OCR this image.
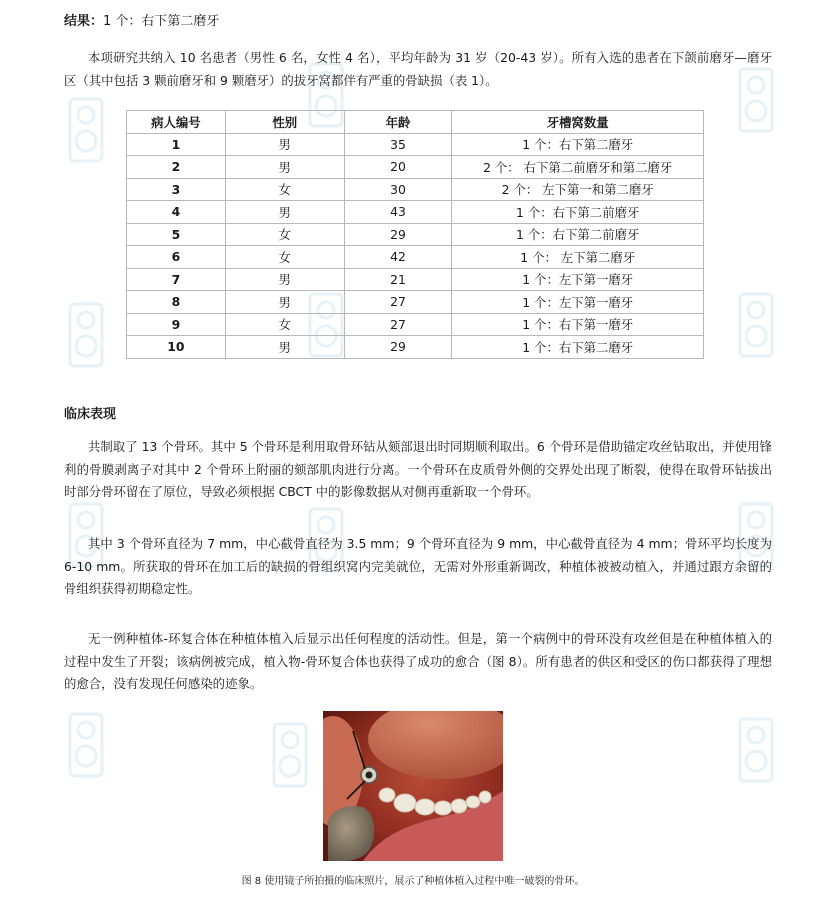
结果：1 个：右下第二磨牙

本项研究共纳入 10 名患者（男性 6 名，女性 4 名），平均年龄为 31 岁（20-43 岁）。所有入选的患者在下颌前磨牙—磨牙区（其中包括 3 颗前磨牙和 9 颗磨牙）的拔牙窝都伴有严重的骨缺损（表 1）。

病人编号	性别	年龄	牙槽窝数量
1	男	35	1 个：右下第二磨牙
2	男	20	2 个： 右下第二前磨牙和第二磨牙
3	女	30	2 个： 左下第一和第二磨牙
4	男	43	1 个：右下第二前磨牙
5	女	29	1 个：右下第二前磨牙
6	女	42	1 个： 左下第二磨牙
7	男	21	1 个：左下第一磨牙
8	男	27	1 个：左下第一磨牙
9	女	27	1 个：右下第一磨牙
10	男	29	1 个：右下第二磨牙
临床表现

共制取了 13 个骨环。其中 5 个骨环是利用取骨环钻从颏部退出时同期顺利取出。6 个骨环是借助锚定攻丝钻取出，并使用锋利的骨膜剥离子对其中 2 个骨环上附丽的颏部肌肉进行分离。一个骨环在皮质骨外侧的交界处出现了断裂，使得在取骨环钻拔出时部分骨环留在了原位，导致必须根据 CBCT 中的影像数据从对侧再重新取一个骨环。

其中 3 个骨环直径为 7 mm，中心截骨直径为 3.5 mm；9 个骨环直径为 9 mm，中心截骨直径为 4 mm；骨环平均长度为 6-10 mm。所获取的骨环在加工后的缺损的骨组织窝内完美就位，无需对外形重新调改，种植体被被动植入，并通过跟方余留的骨组织获得初期稳定性。

无一例种植体-环复合体在种植体植入后显示出任何程度的活动性。但是，第一个病例中的骨环没有攻丝但是在种植体植入的过程中发生了开裂；该病例被完成，植入物-骨环复合体也获得了成功的愈合（图 8）。所有患者的供区和受区的伤口都获得了理想的愈合，没有发现任何感染的迹象。

图 8 使用镜子所拍摄的临床照片，展示了种植体植入过程中唯一破裂的骨环。
